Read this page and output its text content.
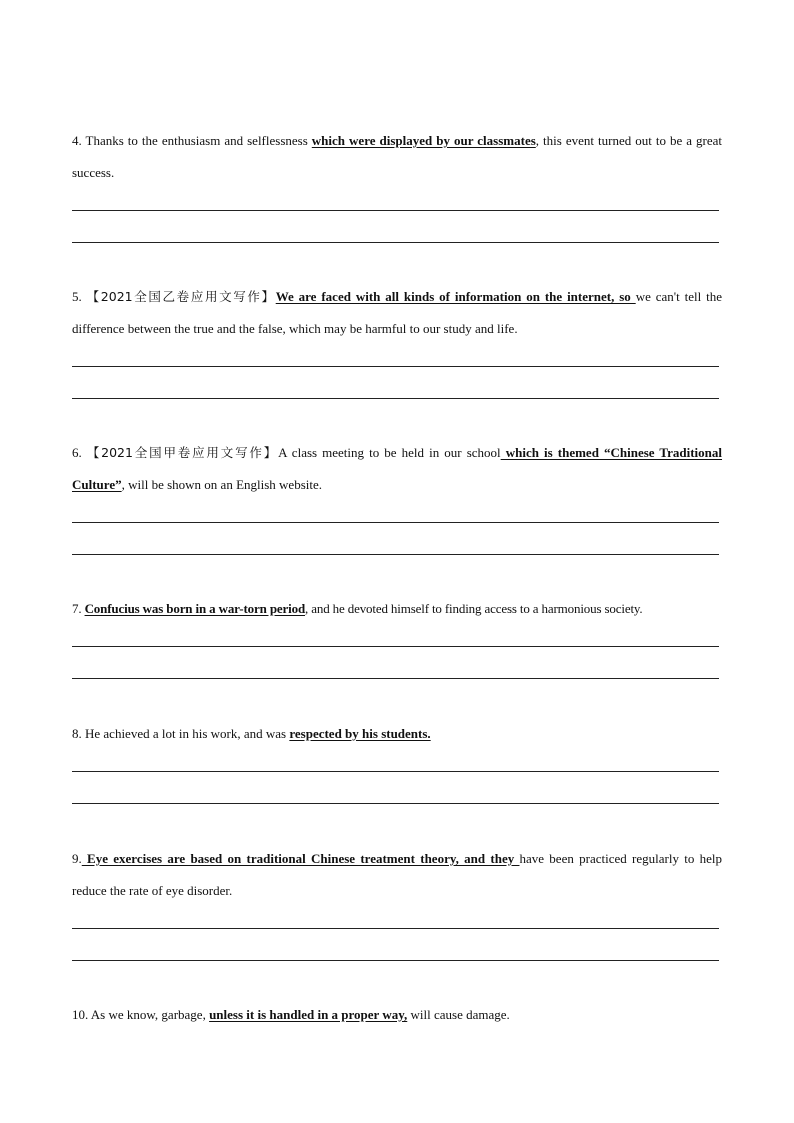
4. Thanks to the enthusiasm and selflessness which were displayed by our classmates, this event turned out to be a great success.

5. 【2021全国乙卷应用文写作】We are faced with all kinds of information on the internet, so we can't tell the difference between the true and the false, which may be harmful to our study and life.

6. 【2021全国甲卷应用文写作】A class meeting to be held in our school which is themed “Chinese Traditional Culture”, will be shown on an English website.

7. Confucius was born in a war-torn period, and he devoted himself to finding access to a harmonious society.

8. He achieved a lot in his work, and was respected by his students.

9. Eye exercises are based on traditional Chinese treatment theory, and they have been practiced regularly to help reduce the rate of eye disorder.

10. As we know, garbage, unless it is handled in a proper way, will cause damage.
